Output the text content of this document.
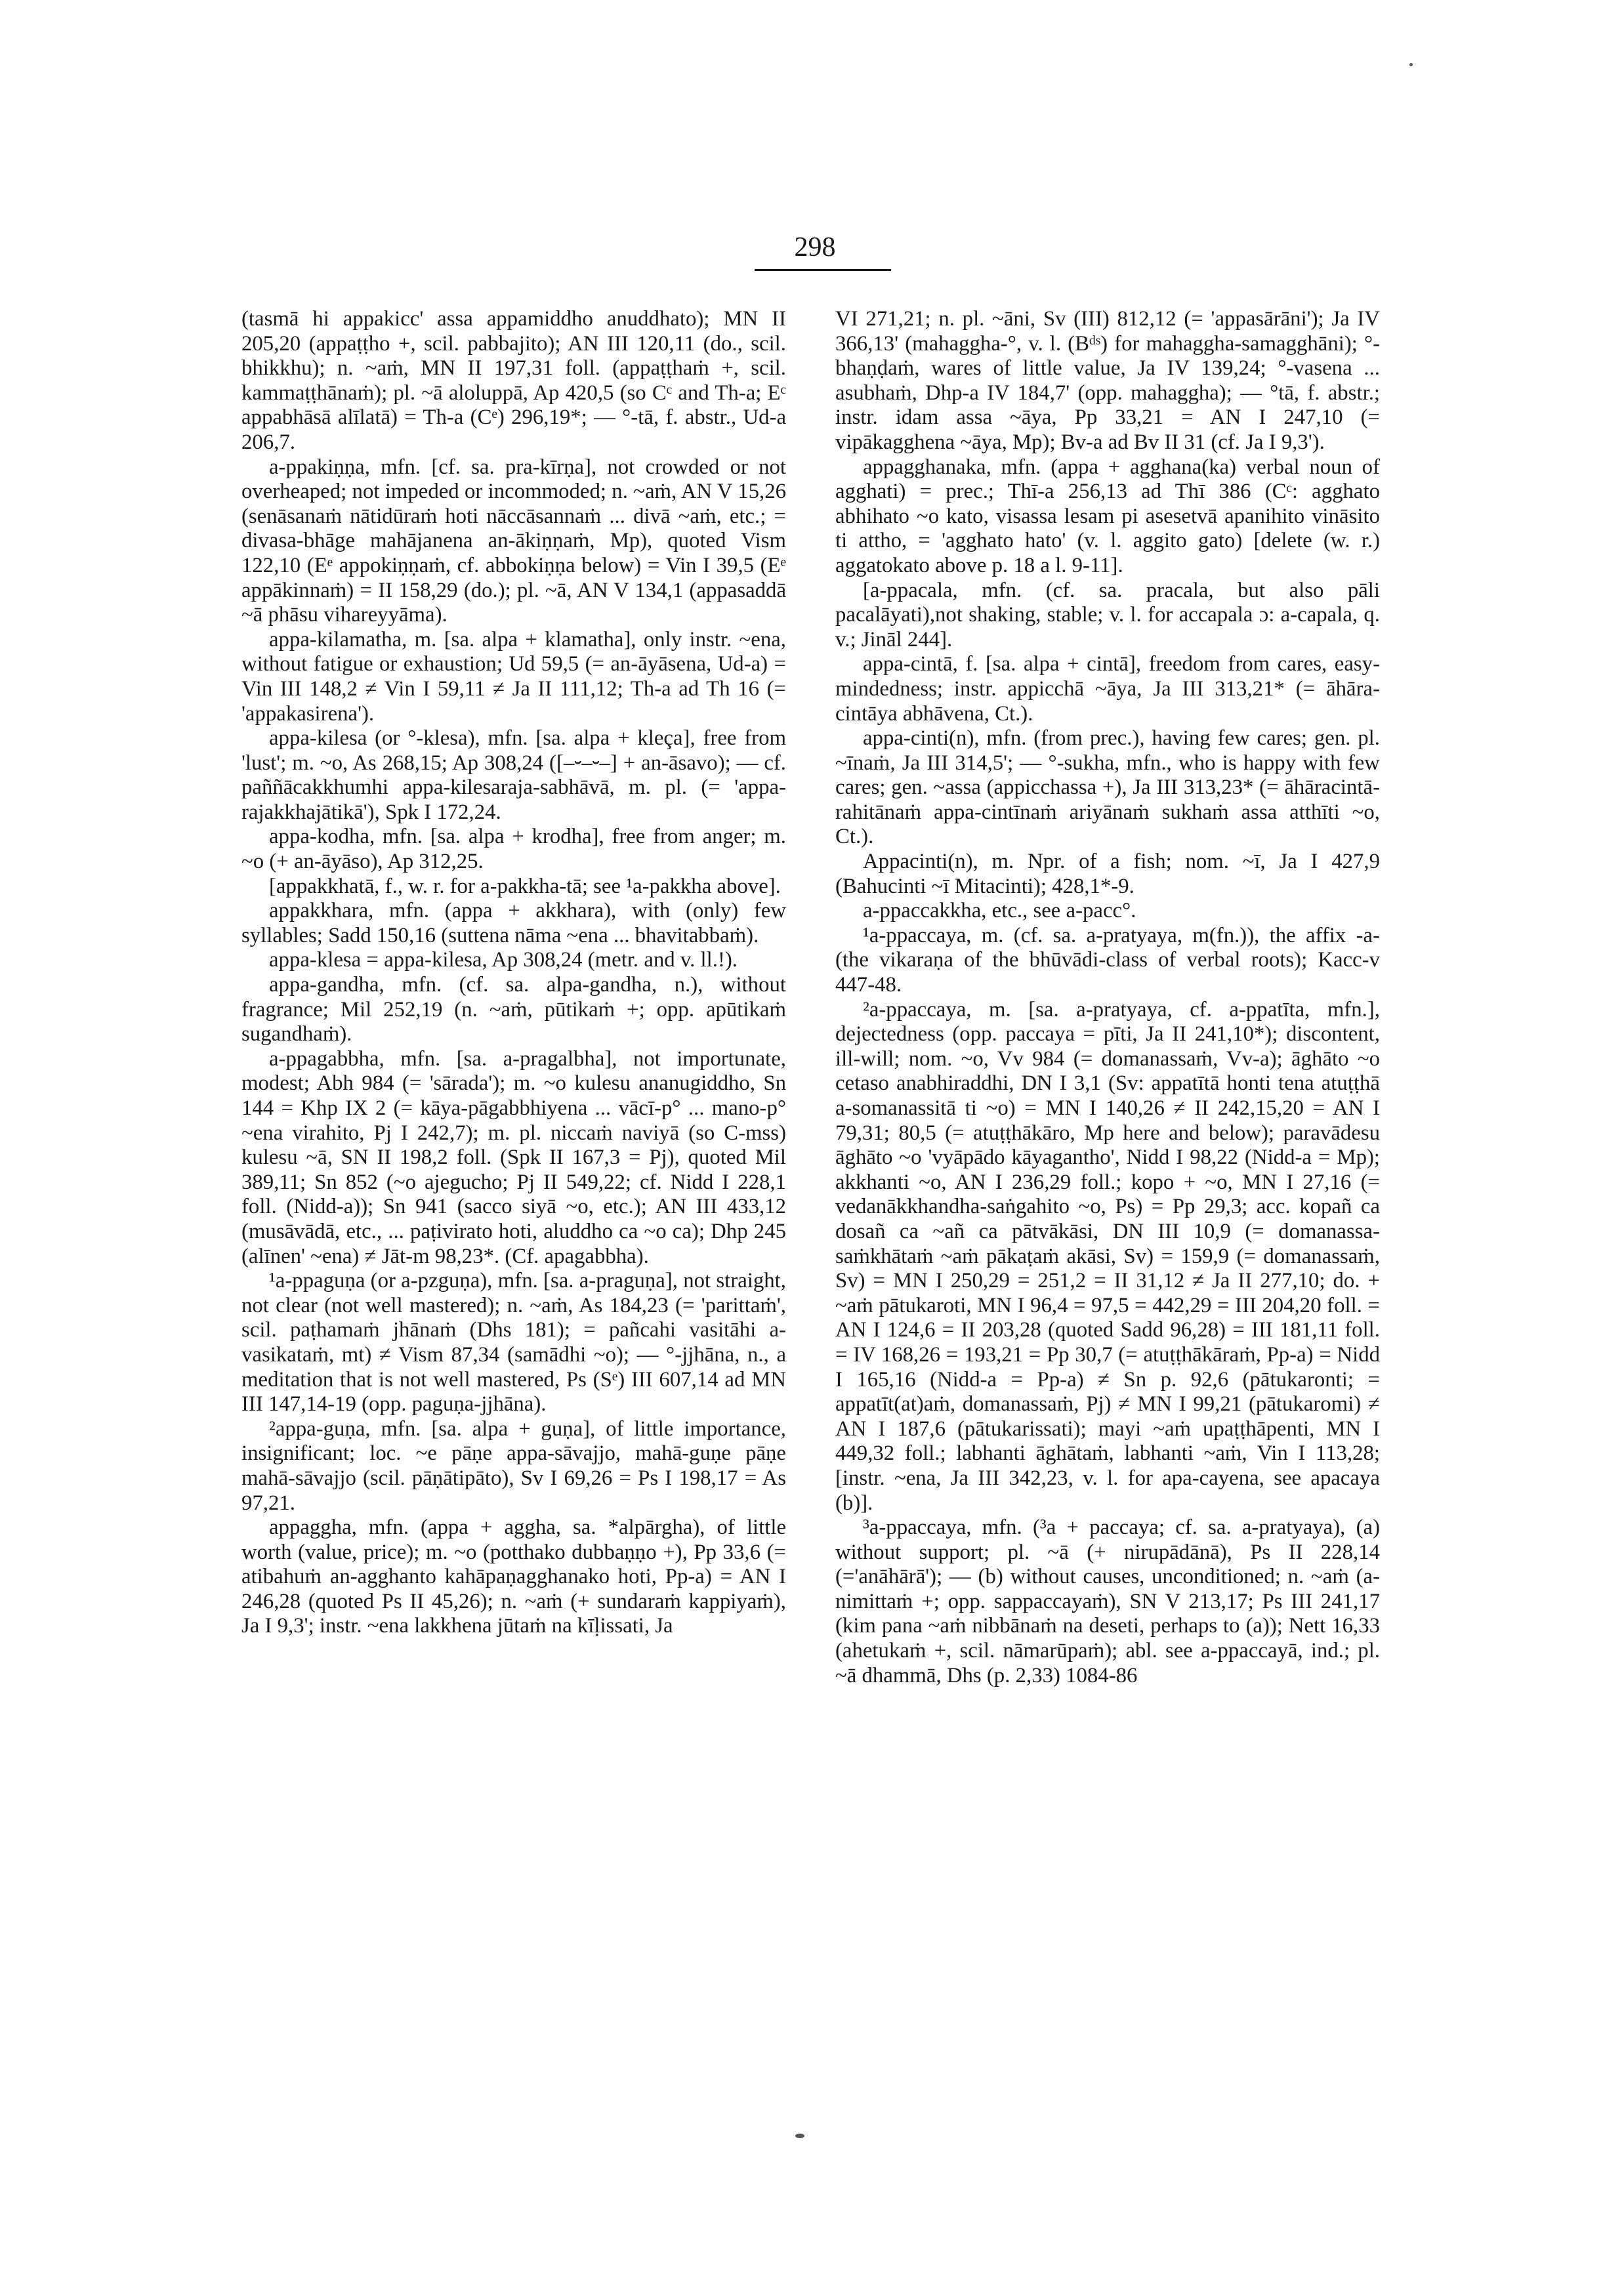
298

(tasmā hi appakicc' assa appamiddho anuddhato); MN II 205,20 (appaṭṭho +, scil. pabbajito); AN III 120,11 (do., scil. bhikkhu); n. ~aṁ, MN II 197,31 foll. (appaṭṭhaṁ +, scil. kammaṭṭhānaṁ); pl. ~ā aloluppā, Ap 420,5 (so Cᶜ and Th-a; Eᶜ appabhāsā alīlatā) = Th-a (Cᵉ) 296,19*; — °-tā, f. abstr., Ud-a 206,7.

a-ppakiṇṇa, mfn. [cf. sa. pra-kīrṇa], not crowded or not overheaped; not impeded or incommoded; n. ~aṁ, AN V 15,26 (senāsanaṁ nātidūraṁ hoti nāccāsannaṁ ... divā ~aṁ, etc.; = divasa-bhāge mahājanena an-ākiṇṇaṁ, Mp), quoted Vism 122,10 (Eᵉ appokiṇṇaṁ, cf. abbokiṇṇa below) = Vin I 39,5 (Eᵉ appākinnaṁ) = II 158,29 (do.); pl. ~ā, AN V 134,1 (appasaddā ~ā phāsu vihareyyāma).

appa-kilamatha, m. [sa. alpa + klamatha], only instr. ~ena, without fatigue or exhaustion; Ud 59,5 (= an-āyāsena, Ud-a) = Vin III 148,2 ≠ Vin I 59,11 ≠ Ja II 111,12; Th-a ad Th 16 (= 'appakasirena').

appa-kilesa (or °-klesa), mfn. [sa. alpa + kleça], free from 'lust'; m. ~o, As 268,15; Ap 308,24 ([–⏑–⏑–] + an-āsavo); — cf. paññācakkhumhi appa-kilesaraja-sabhāvā, m. pl. (= 'appa-rajakkhajātikā'), Spk I 172,24.

appa-kodha, mfn. [sa. alpa + krodha], free from anger; m. ~o (+ an-āyāso), Ap 312,25.

[appakkhatā, f., w. r. for a-pakkha-tā; see ¹a-pakkha above].

appakkhara, mfn. (appa + akkhara), with (only) few syllables; Sadd 150,16 (suttena nāma ~ena ... bhavitabbaṁ).

appa-klesa = appa-kilesa, Ap 308,24 (metr. and v. ll.!).

appa-gandha, mfn. (cf. sa. alpa-gandha, n.), without fragrance; Mil 252,19 (n. ~aṁ, pūtikaṁ +; opp. apūtikaṁ sugandhaṁ).

a-ppagabbha, mfn. [sa. a-pragalbha], not importunate, modest; Abh 984 (= 'sārada'); m. ~o kulesu ananugiddho, Sn 144 = Khp IX 2 (= kāya-pāgabbhiyena ... vācī-p° ... mano-p° ~ena virahito, Pj I 242,7); m. pl. niccaṁ naviyā (so C-mss) kulesu ~ā, SN II 198,2 foll. (Spk II 167,3 = Pj), quoted Mil 389,11; Sn 852 (~o ajegucho; Pj II 549,22; cf. Nidd I 228,1 foll. (Nidd-a)); Sn 941 (sacco siyā ~o, etc.); AN III 433,12 (musāvādā, etc., ... paṭivirato hoti, aluddho ca ~o ca); Dhp 245 (alīnen' ~ena) ≠ Jāt-m 98,23*. (Cf. apagabbha).

¹a-ppaguṇa (or a-pzguṇa), mfn. [sa. a-praguṇa], not straight, not clear (not well mastered); n. ~aṁ, As 184,23 (= 'parittaṁ', scil. paṭhamaṁ jhānaṁ (Dhs 181); = pañcahi vasitāhi a-vasikataṁ, mt) ≠ Vism 87,34 (samādhi ~o); — °-jjhāna, n., a meditation that is not well mastered, Ps (Sᵉ) III 607,14 ad MN III 147,14-19 (opp. paguṇa-jjhāna).

²appa-guṇa, mfn. [sa. alpa + guṇa], of little importance, insignificant; loc. ~e pāṇe appa-sāvajjo, mahā-guṇe pāṇe mahā-sāvajjo (scil. pāṇātipāto), Sv I 69,26 = Ps I 198,17 = As 97,21.

appaggha, mfn. (appa + aggha, sa. *alpārgha), of little worth (value, price); m. ~o (potthako dubbaṇṇo +), Pp 33,6 (= atibahuṁ an-agghanto kahāpaṇagghanako hoti, Pp-a) = AN I 246,28 (quoted Ps II 45,26); n. ~aṁ (+ sundaraṁ kappiyaṁ), Ja I 9,3'; instr. ~ena lakkhena jūtaṁ na kīḷissati, Ja

VI 271,21; n. pl. ~āni, Sv (III) 812,12 (= 'appasārāni'); Ja IV 366,13' (mahaggha-°, v. l. (Bᵈˢ) for mahaggha-samagghāni); °-bhaṇḍaṁ, wares of little value, Ja IV 139,24; °-vasena ... asubhaṁ, Dhp-a IV 184,7' (opp. mahaggha); — °tā, f. abstr.; instr. idam assa ~āya, Pp 33,21 = AN I 247,10 (= vipākagghena ~āya, Mp); Bv-a ad Bv II 31 (cf. Ja I 9,3').

appagghanaka, mfn. (appa + agghana(ka) verbal noun of agghati) = prec.; Thī-a 256,13 ad Thī 386 (Cᶜ: agghato abhihato ~o kato, visassa lesam pi asesetvā apanihito vināsito ti attho, = 'agghato hato' (v. l. aggito gato) [delete (w. r.) aggatokato above p. 18 a l. 9-11].

[a-ppacala, mfn. (cf. sa. pracala, but also pāli pacalāyati),not shaking, stable; v. l. for accapala ɔ: a-capala, q. v.; Jināl 244].

appa-cintā, f. [sa. alpa + cintā], freedom from cares, easy-mindedness; instr. appicchā ~āya, Ja III 313,21* (= āhāra-cintāya abhāvena, Ct.).

appa-cinti(n), mfn. (from prec.), having few cares; gen. pl. ~īnaṁ, Ja III 314,5'; — °-sukha, mfn., who is happy with few cares; gen. ~assa (appicchassa +), Ja III 313,23* (= āhāracintā-rahitānaṁ appa-cintīnaṁ ariyānaṁ sukhaṁ assa atthīti ~o, Ct.).

Appacinti(n), m. Npr. of a fish; nom. ~ī, Ja I 427,9 (Bahucinti ~ī Mitacinti); 428,1*-9.

a-ppaccakkha, etc., see a-pacc°.

¹a-ppaccaya, m. (cf. sa. a-pratyaya, m(fn.)), the affix -a- (the vikaraṇa of the bhūvādi-class of verbal roots); Kacc-v 447-48.

²a-ppaccaya, m. [sa. a-pratyaya, cf. a-ppatīta, mfn.], dejectedness (opp. paccaya = pīti, Ja II 241,10*); discontent, ill-will; nom. ~o, Vv 984 (= domanassaṁ, Vv-a); āghāto ~o cetaso anabhiraddhi, DN I 3,1 (Sv: appatītā honti tena atuṭṭhā a-somanassitā ti ~o) = MN I 140,26 ≠ II 242,15,20 = AN I 79,31; 80,5 (= atuṭṭhākāro, Mp here and below); paravādesu āghāto ~o 'vyāpādo kāyagantho', Nidd I 98,22 (Nidd-a = Mp); akkhanti ~o, AN I 236,29 foll.; kopo + ~o, MN I 27,16 (= vedanākkhandha-saṅgahito ~o, Ps) = Pp 29,3; acc. kopañ ca dosañ ca ~añ ca pātvākāsi, DN III 10,9 (= domanassa-saṁkhātaṁ ~aṁ pākaṭaṁ akāsi, Sv) = 159,9 (= domanassaṁ, Sv) = MN I 250,29 = 251,2 = II 31,12 ≠ Ja II 277,10; do. + ~aṁ pātukaroti, MN I 96,4 = 97,5 = 442,29 = III 204,20 foll. = AN I 124,6 = II 203,28 (quoted Sadd 96,28) = III 181,11 foll. = IV 168,26 = 193,21 = Pp 30,7 (= atuṭṭhākāraṁ, Pp-a) = Nidd I 165,16 (Nidd-a = Pp-a) ≠ Sn p. 92,6 (pātukaronti; = appatīt(at)aṁ, domanassaṁ, Pj) ≠ MN I 99,21 (pātukaromi) ≠ AN I 187,6 (pātukarissati); mayi ~aṁ upaṭṭhāpenti, MN I 449,32 foll.; labhanti āghātaṁ, labhanti ~aṁ, Vin I 113,28; [instr. ~ena, Ja III 342,23, v. l. for apa-cayena, see apacaya (b)].

³a-ppaccaya, mfn. (³a + paccaya; cf. sa. a-pratyaya), (a) without support; pl. ~ā (+ nirupādānā), Ps II 228,14 (='anāhārā'); — (b) without causes, unconditioned; n. ~aṁ (a-nimittaṁ +; opp. sappaccayaṁ), SN V 213,17; Ps III 241,17 (kim pana ~aṁ nibbānaṁ na deseti, perhaps to (a)); Nett 16,33 (ahetukaṁ +, scil. nāmarūpaṁ); abl. see a-ppaccayā, ind.; pl. ~ā dhammā, Dhs (p. 2,33) 1084-86
